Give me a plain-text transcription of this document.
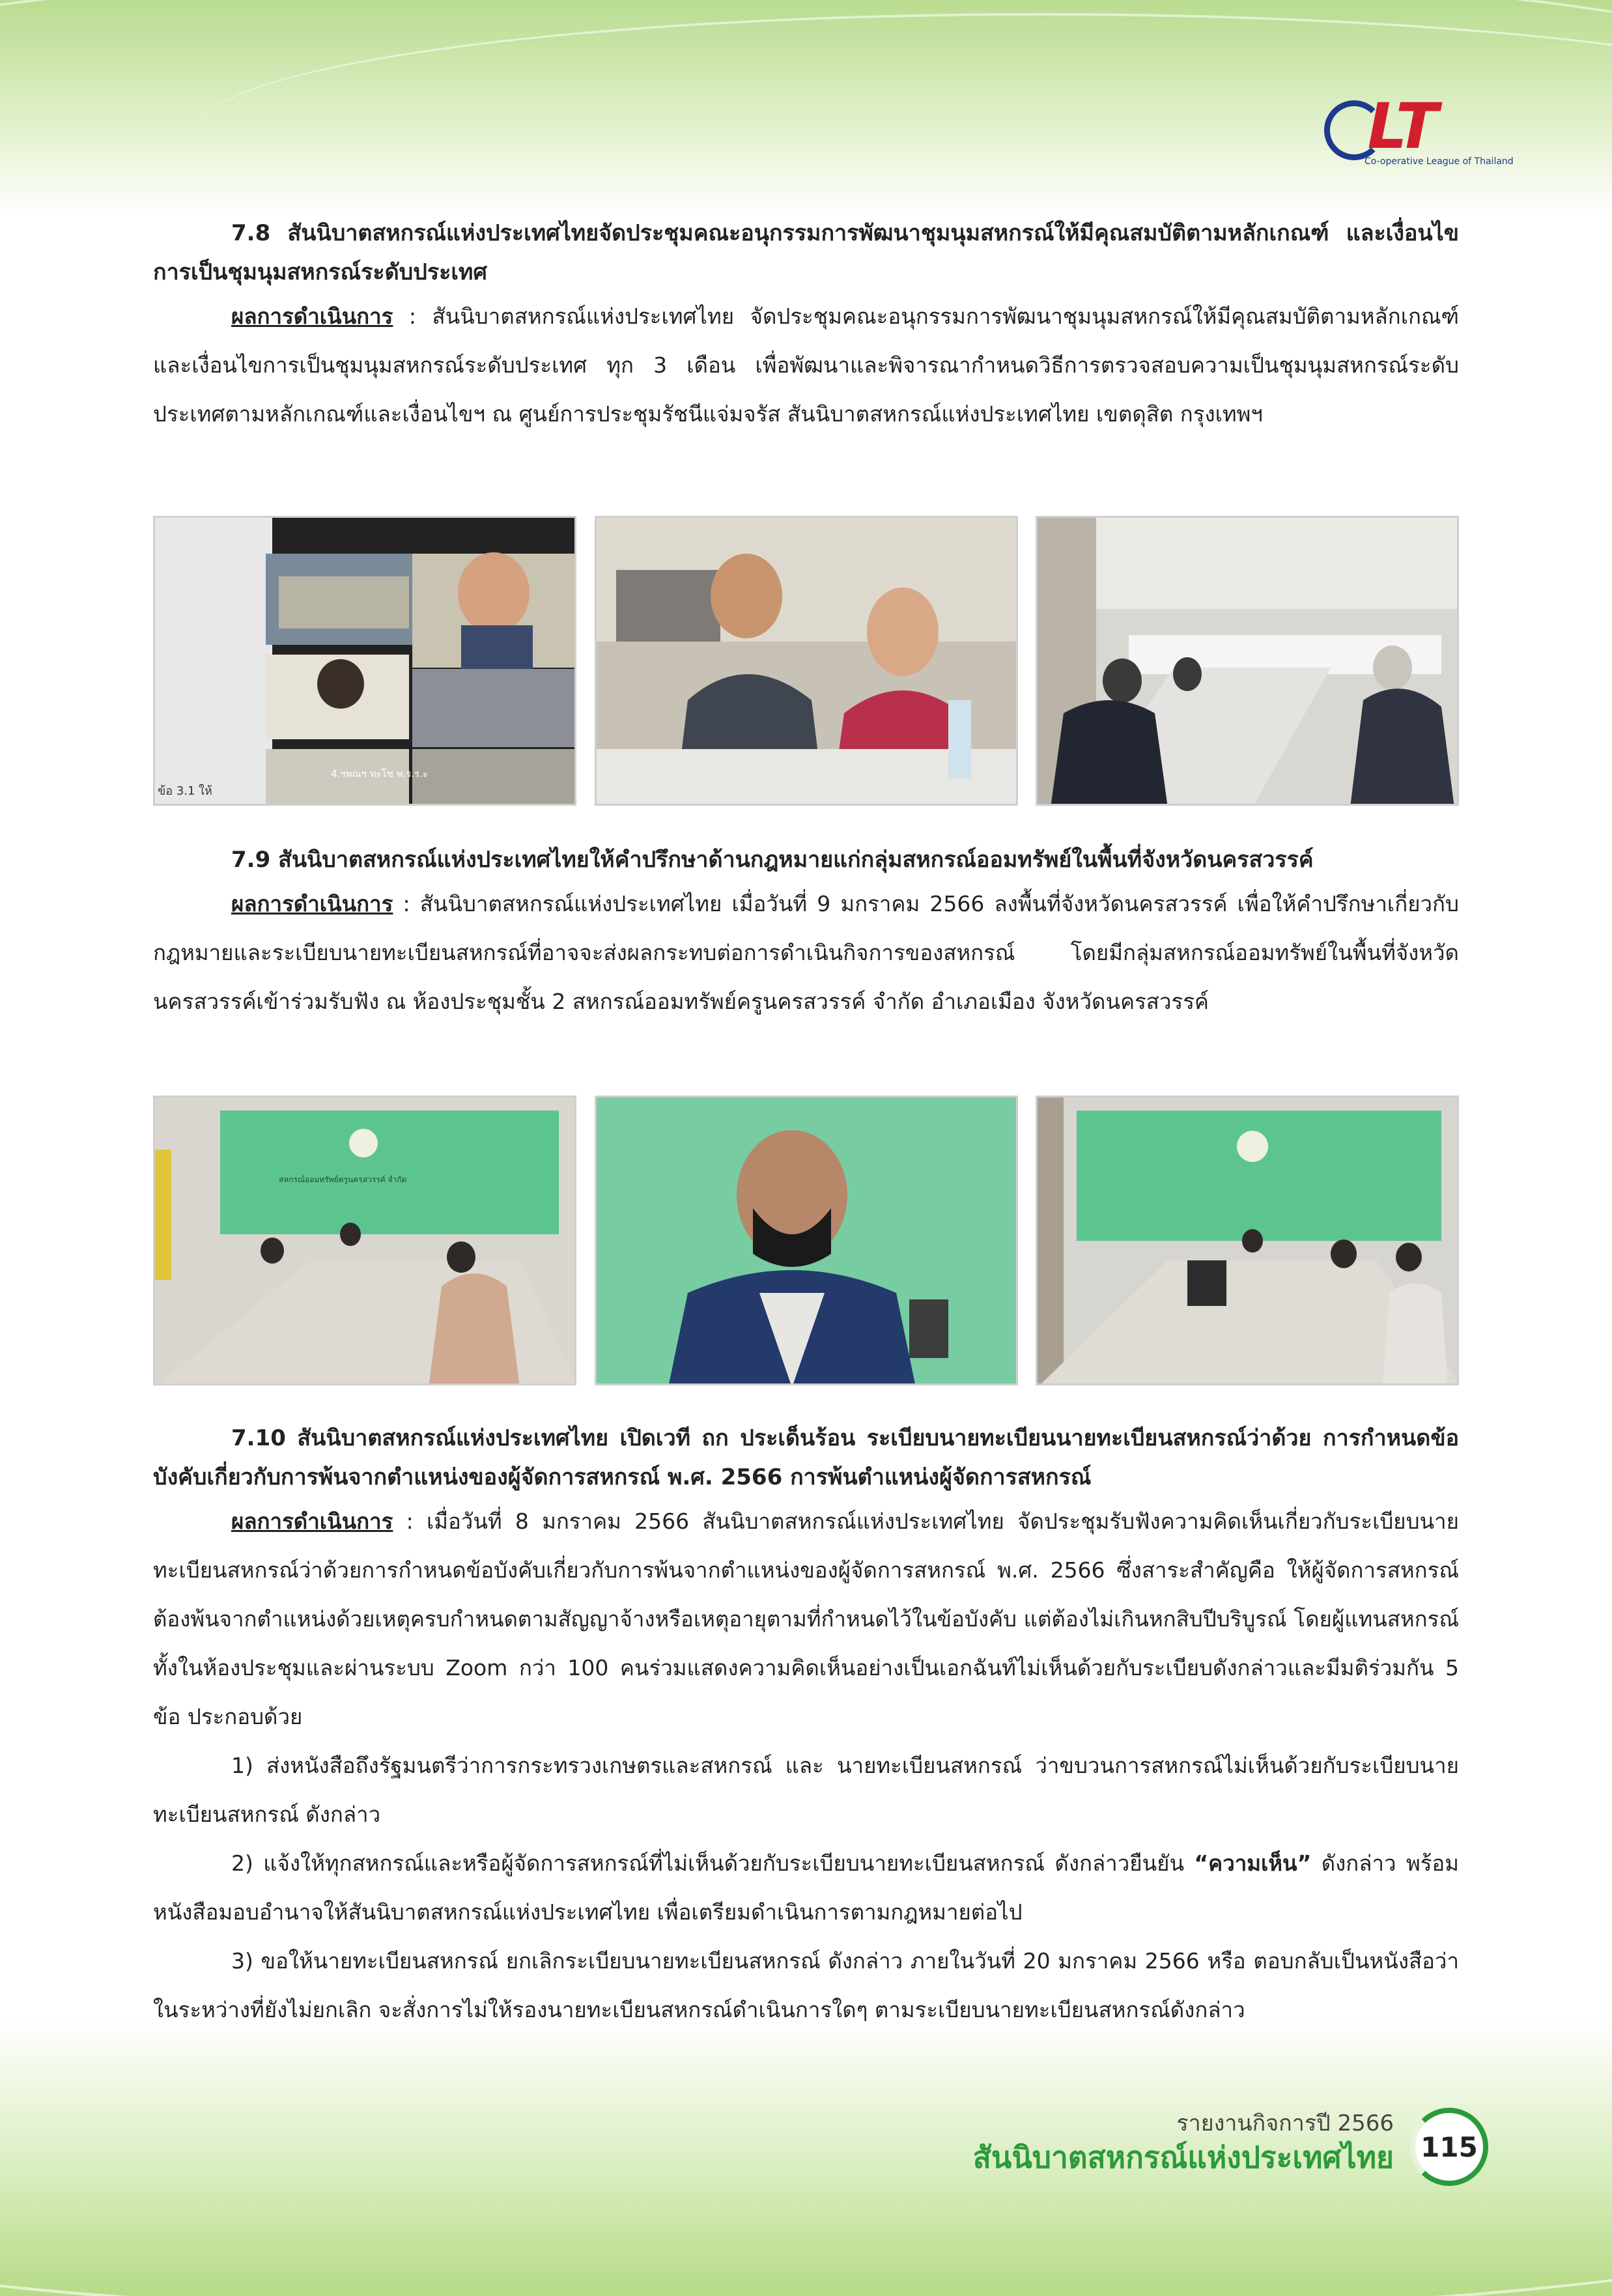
LT
Co-operative League of Thailand

7.8 สันนิบาตสหกรณ์แห่งประเทศไทยจัดประชุมคณะอนุกรรมการพัฒนาชุมนุมสหกรณ์ให้มีคุณสมบัติตามหลักเกณฑ์ และเงื่อนไขการเป็นชุมนุมสหกรณ์ระดับประเทศ

ผลการดำเนินการ : สันนิบาตสหกรณ์แห่งประเทศไทย จัดประชุมคณะอนุกรรมการพัฒนาชุมนุมสหกรณ์ให้มีคุณสมบัติตามหลักเกณฑ์และเงื่อนไขการเป็นชุมนุมสหกรณ์ระดับประเทศ ทุก 3 เดือน เพื่อพัฒนาและพิจารณากำหนดวิธีการตรวจสอบความเป็นชุมนุมสหกรณ์ระดับประเทศตามหลักเกณฑ์และเงื่อนไขฯ ณ ศูนย์การประชุมรัชนีแจ่มจรัส สันนิบาตสหกรณ์แห่งประเทศไทย เขตดุสิต กรุงเทพฯ

4.ฯพณฯ ทะโซ พ.ร.ร.ะ
ข้อ 3.1 ให้

7.9 สันนิบาตสหกรณ์แห่งประเทศไทยให้คำปรึกษาด้านกฎหมายแก่กลุ่มสหกรณ์ออมทรัพย์ในพื้นที่จังหวัดนครสวรรค์

ผลการดำเนินการ : สันนิบาตสหกรณ์แห่งประเทศไทย เมื่อวันที่ 9 มกราคม 2566 ลงพื้นที่จังหวัดนครสวรรค์ เพื่อให้คำปรึกษาเกี่ยวกับกฎหมายและระเบียบนายทะเบียนสหกรณ์ที่อาจจะส่งผลกระทบต่อการดำเนินกิจการของสหกรณ์ โดยมีกลุ่มสหกรณ์ออมทรัพย์ในพื้นที่จังหวัดนครสวรรค์เข้าร่วมรับฟัง ณ ห้องประชุมชั้น 2 สหกรณ์ออมทรัพย์ครูนครสวรรค์ จำกัด อำเภอเมือง จังหวัดนครสวรรค์

สหกรณ์ออมทรัพย์ครูนครสวรรค์ จำกัด

7.10 สันนิบาตสหกรณ์แห่งประเทศไทย เปิดเวที ถก ประเด็นร้อน ระเบียบนายทะเบียนนายทะเบียนสหกรณ์ว่าด้วย การกำหนดข้อบังคับเกี่ยวกับการพ้นจากตำแหน่งของผู้จัดการสหกรณ์ พ.ศ. 2566 การพ้นตำแหน่งผู้จัดการสหกรณ์

ผลการดำเนินการ : เมื่อวันที่ 8 มกราคม 2566 สันนิบาตสหกรณ์แห่งประเทศไทย จัดประชุมรับฟังความคิดเห็นเกี่ยวกับระเบียบนายทะเบียนสหกรณ์ว่าด้วยการกำหนดข้อบังคับเกี่ยวกับการพ้นจากตำแหน่งของผู้จัดการสหกรณ์ พ.ศ. 2566 ซึ่งสาระสำคัญคือ ให้ผู้จัดการสหกรณ์ต้องพ้นจากตำแหน่งด้วยเหตุครบกำหนดตามสัญญาจ้างหรือเหตุอายุตามที่กำหนดไว้ในข้อบังคับ แต่ต้องไม่เกินหกสิบปีบริบูรณ์ โดยผู้แทนสหกรณ์ทั้งในห้องประชุมและผ่านระบบ Zoom กว่า 100 คนร่วมแสดงความคิดเห็นอย่างเป็นเอกฉันท์ไม่เห็นด้วยกับระเบียบดังกล่าวและมีมติร่วมกัน 5 ข้อ ประกอบด้วย

1) ส่งหนังสือถึงรัฐมนตรีว่าการกระทรวงเกษตรและสหกรณ์ และ นายทะเบียนสหกรณ์ ว่าขบวนการสหกรณ์ไม่เห็นด้วยกับระเบียบนายทะเบียนสหกรณ์ ดังกล่าว

2) แจ้งให้ทุกสหกรณ์และหรือผู้จัดการสหกรณ์ที่ไม่เห็นด้วยกับระเบียบนายทะเบียนสหกรณ์ ดังกล่าวยืนยัน “ความเห็น” ดังกล่าว พร้อมหนังสือมอบอำนาจให้สันนิบาตสหกรณ์แห่งประเทศไทย เพื่อเตรียมดำเนินการตามกฎหมายต่อไป

3) ขอให้นายทะเบียนสหกรณ์ ยกเลิกระเบียบนายทะเบียนสหกรณ์ ดังกล่าว ภายในวันที่ 20 มกราคม 2566 หรือ ตอบกลับเป็นหนังสือว่า ในระหว่างที่ยังไม่ยกเลิก จะสั่งการไม่ให้รองนายทะเบียนสหกรณ์ดำเนินการใดๆ ตามระเบียบนายทะเบียนสหกรณ์ดังกล่าว

รายงานกิจการปี 2566
สันนิบาตสหกรณ์แห่งประเทศไทย 115
